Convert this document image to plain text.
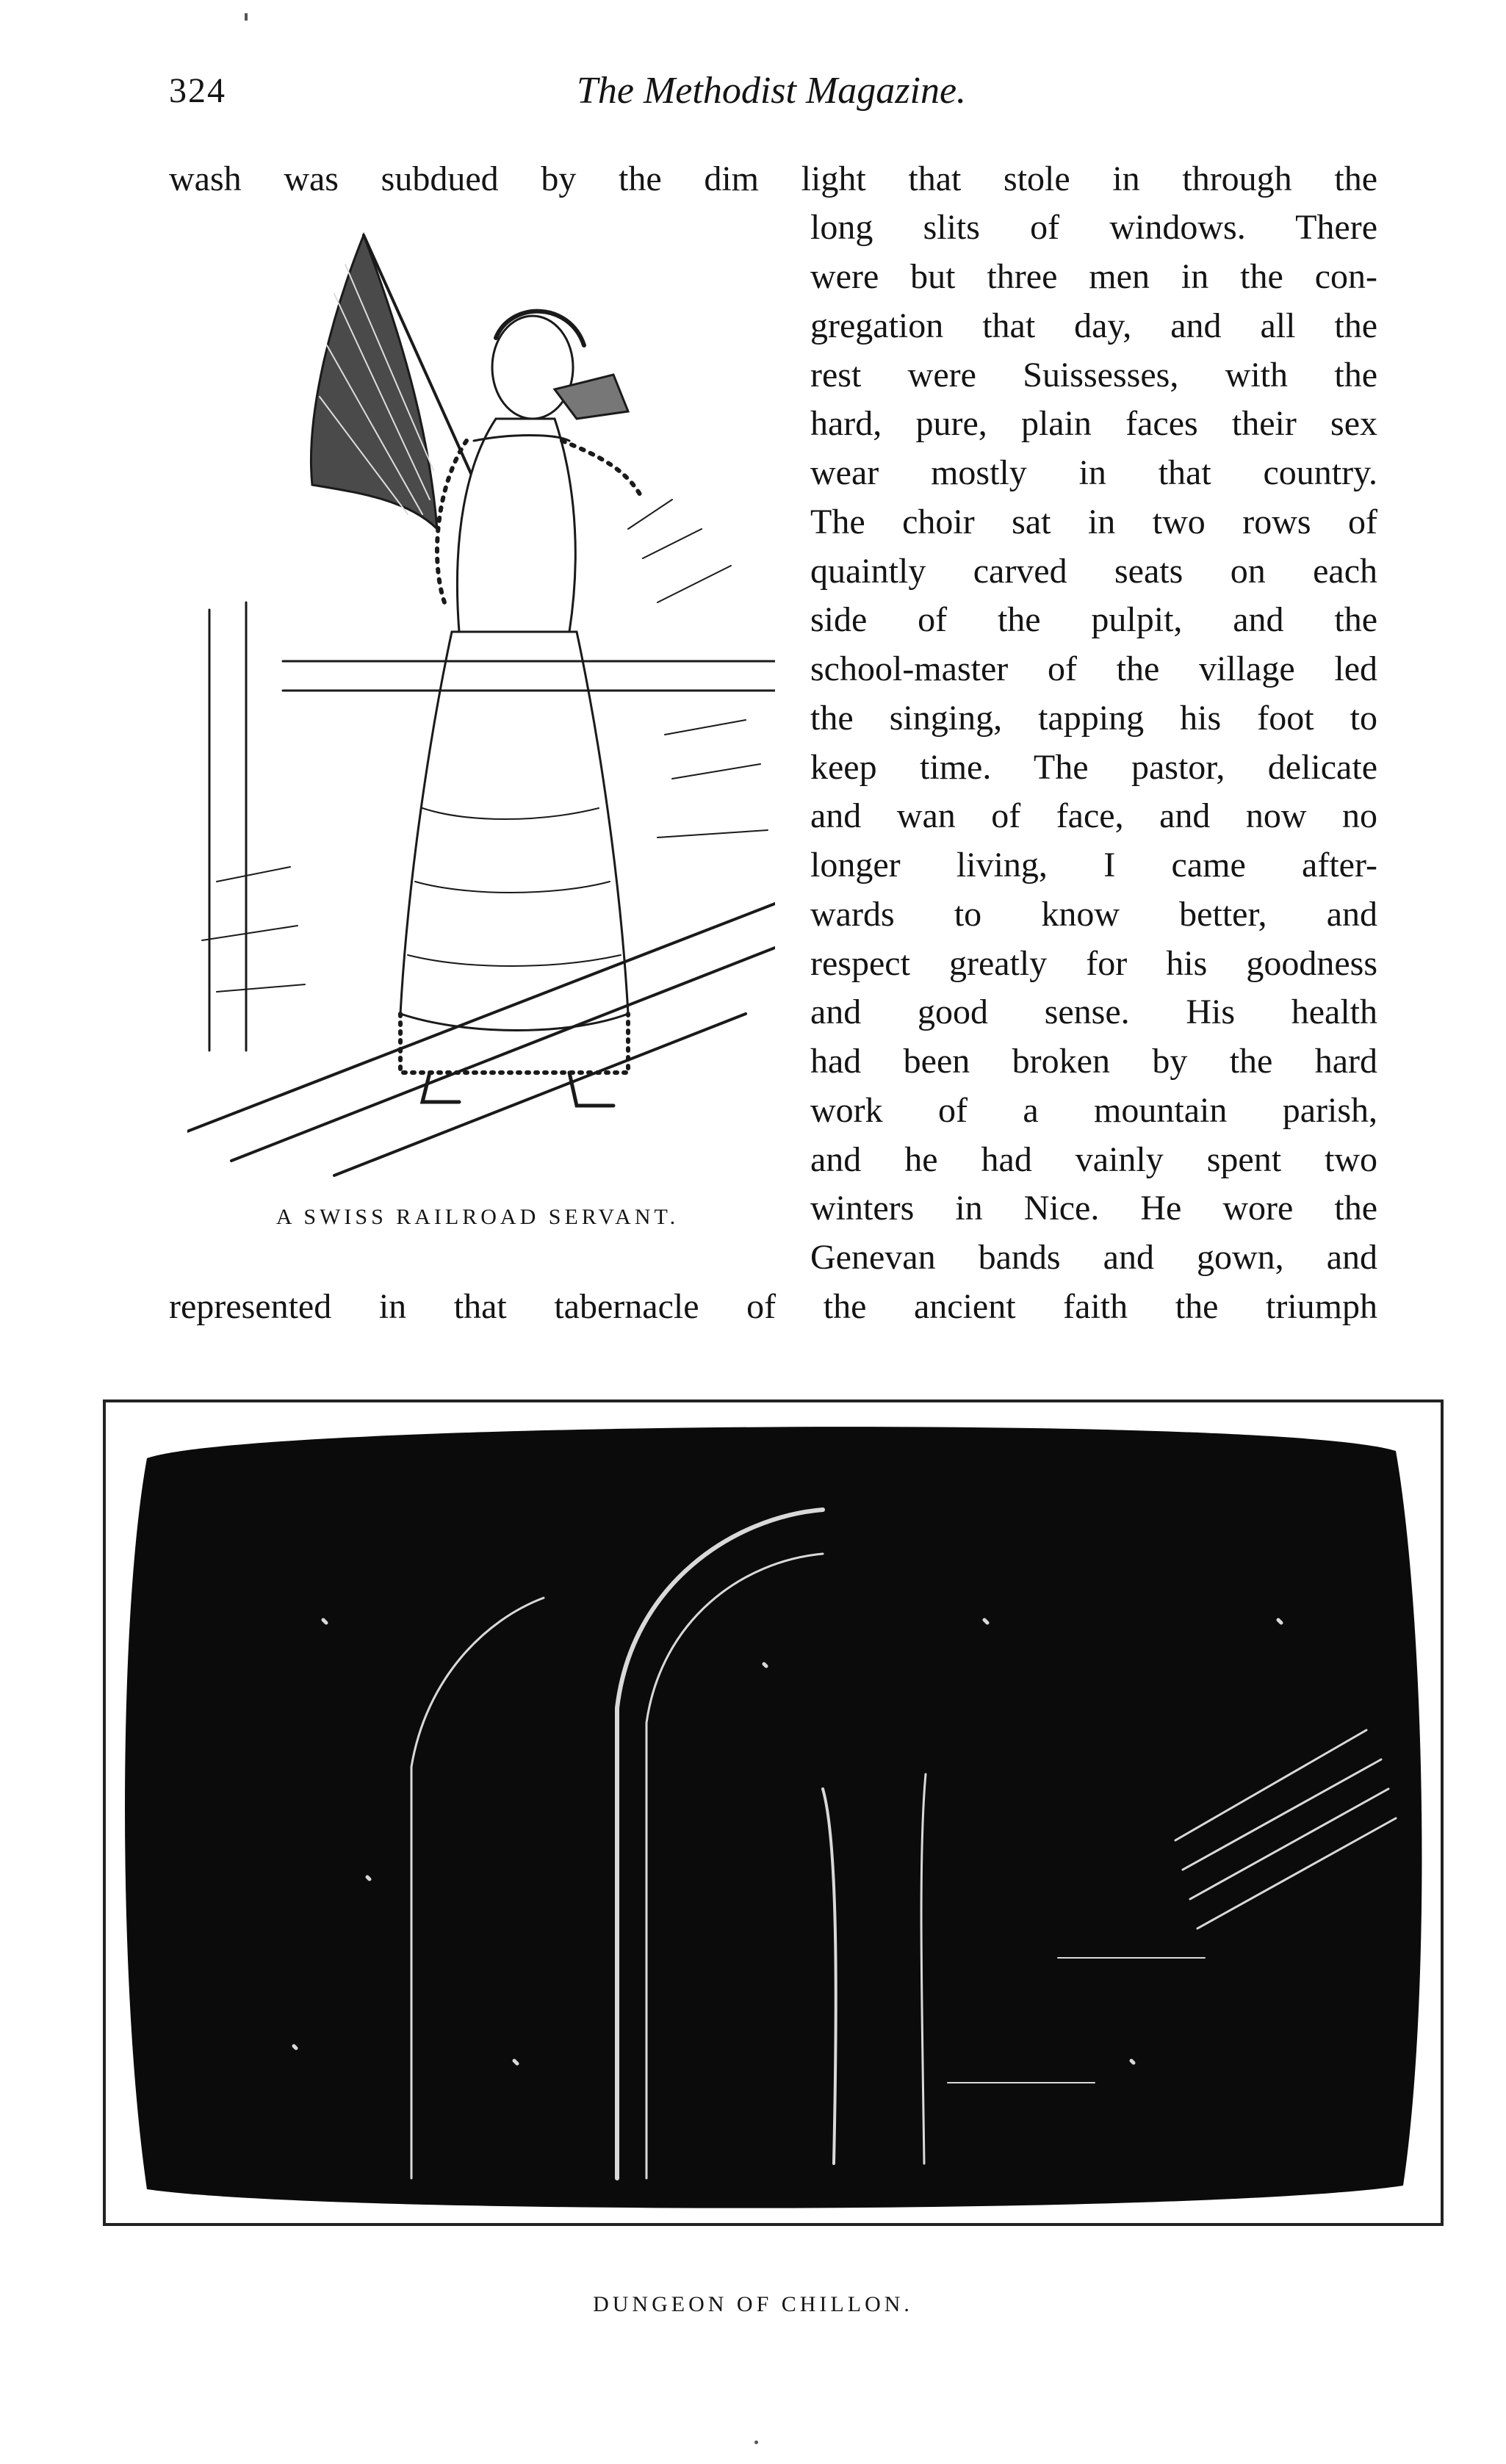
324	The Methodist Magazine.
wash was subdued by the dim light that stole in through the
long slits of windows. There
were but three men in the con-
gregation that day, and all the
rest were Suissesses, with the
hard, pure, plain faces their sex
wear mostly in that country.
The choir sat in two rows of
quaintly carved seats on each
side of the pulpit, and the
school-master of the village led
the singing, tapping his foot to
keep time. The pastor, delicate
and wan of face, and now no
longer living, I came after-
wards to know better, and
respect greatly for his goodness
and good sense. His health
had been broken by the hard
work of a mountain parish,
and he had vainly spent two
winters in Nice. He wore the
Genevan bands and gown, and
represented in that tabernacle of the ancient faith the triumph
A SWISS RAILROAD SERVANT.
DUNGEON OF CHILLON.
